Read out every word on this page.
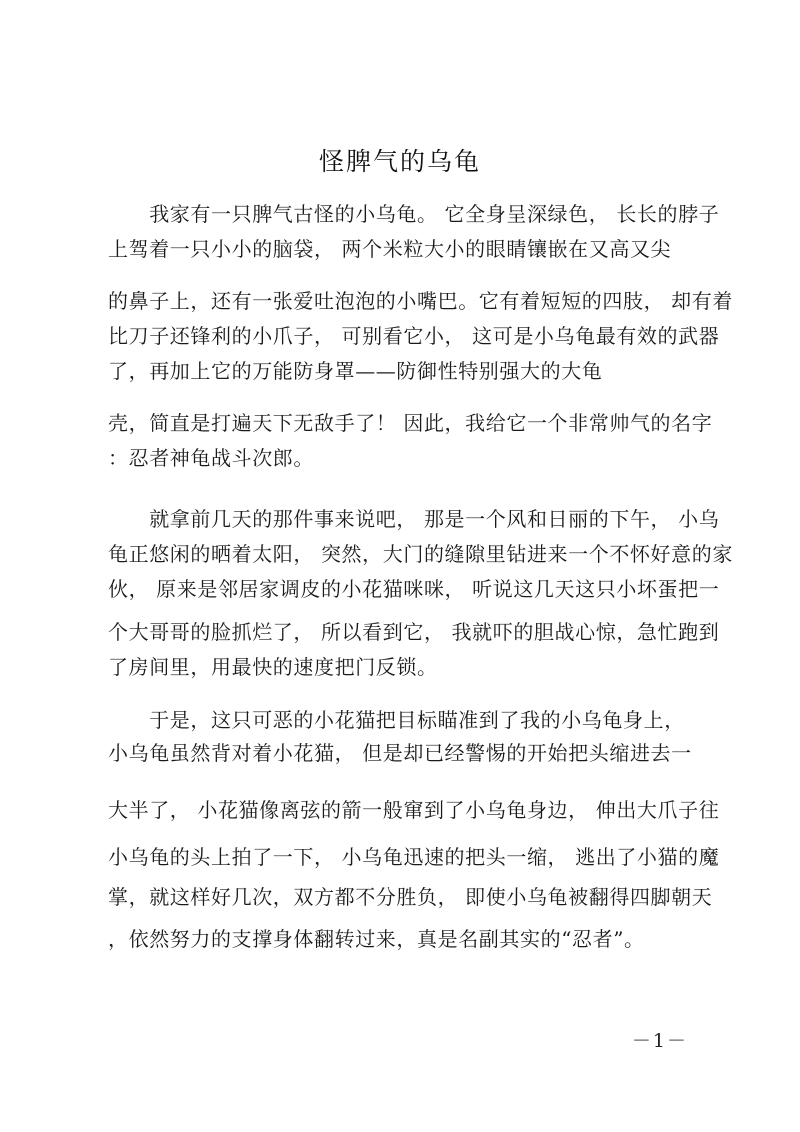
怪脾气的乌龟
　　我家有一只脾气古怪的小乌龟。 它全身呈深绿色， 长长的脖子
上驾着一只小小的脑袋， 两个米粒大小的眼睛镶嵌在又高又尖
的鼻子上，还有一张爱吐泡泡的小嘴巴。它有着短短的四肢， 却有着
比刀子还锋利的小爪子， 可别看它小， 这可是小乌龟最有效的武器
了，再加上它的万能防身罩——防御性特别强大的大龟
壳，简直是打遍天下无敌手了！ 因此，我给它一个非常帅气的名字
：忍者神龟战斗次郎。
　　就拿前几天的那件事来说吧， 那是一个风和日丽的下午， 小乌
龟正悠闲的晒着太阳， 突然，大门的缝隙里钻进来一个不怀好意的家
伙， 原来是邻居家调皮的小花猫咪咪， 听说这几天这只小坏蛋把一
个大哥哥的脸抓烂了， 所以看到它， 我就吓的胆战心惊，急忙跑到
了房间里，用最快的速度把门反锁。
　　于是，这只可恶的小花猫把目标瞄准到了我的小乌龟身上，
小乌龟虽然背对着小花猫， 但是却已经警惕的开始把头缩进去一
大半了， 小花猫像离弦的箭一般窜到了小乌龟身边， 伸出大爪子往
小乌龟的头上拍了一下， 小乌龟迅速的把头一缩， 逃出了小猫的魔
掌，就这样好几次，双方都不分胜负， 即使小乌龟被翻得四脚朝天
，依然努力的支撑身体翻转过来，真是名副其实的“忍者”。
－1－
